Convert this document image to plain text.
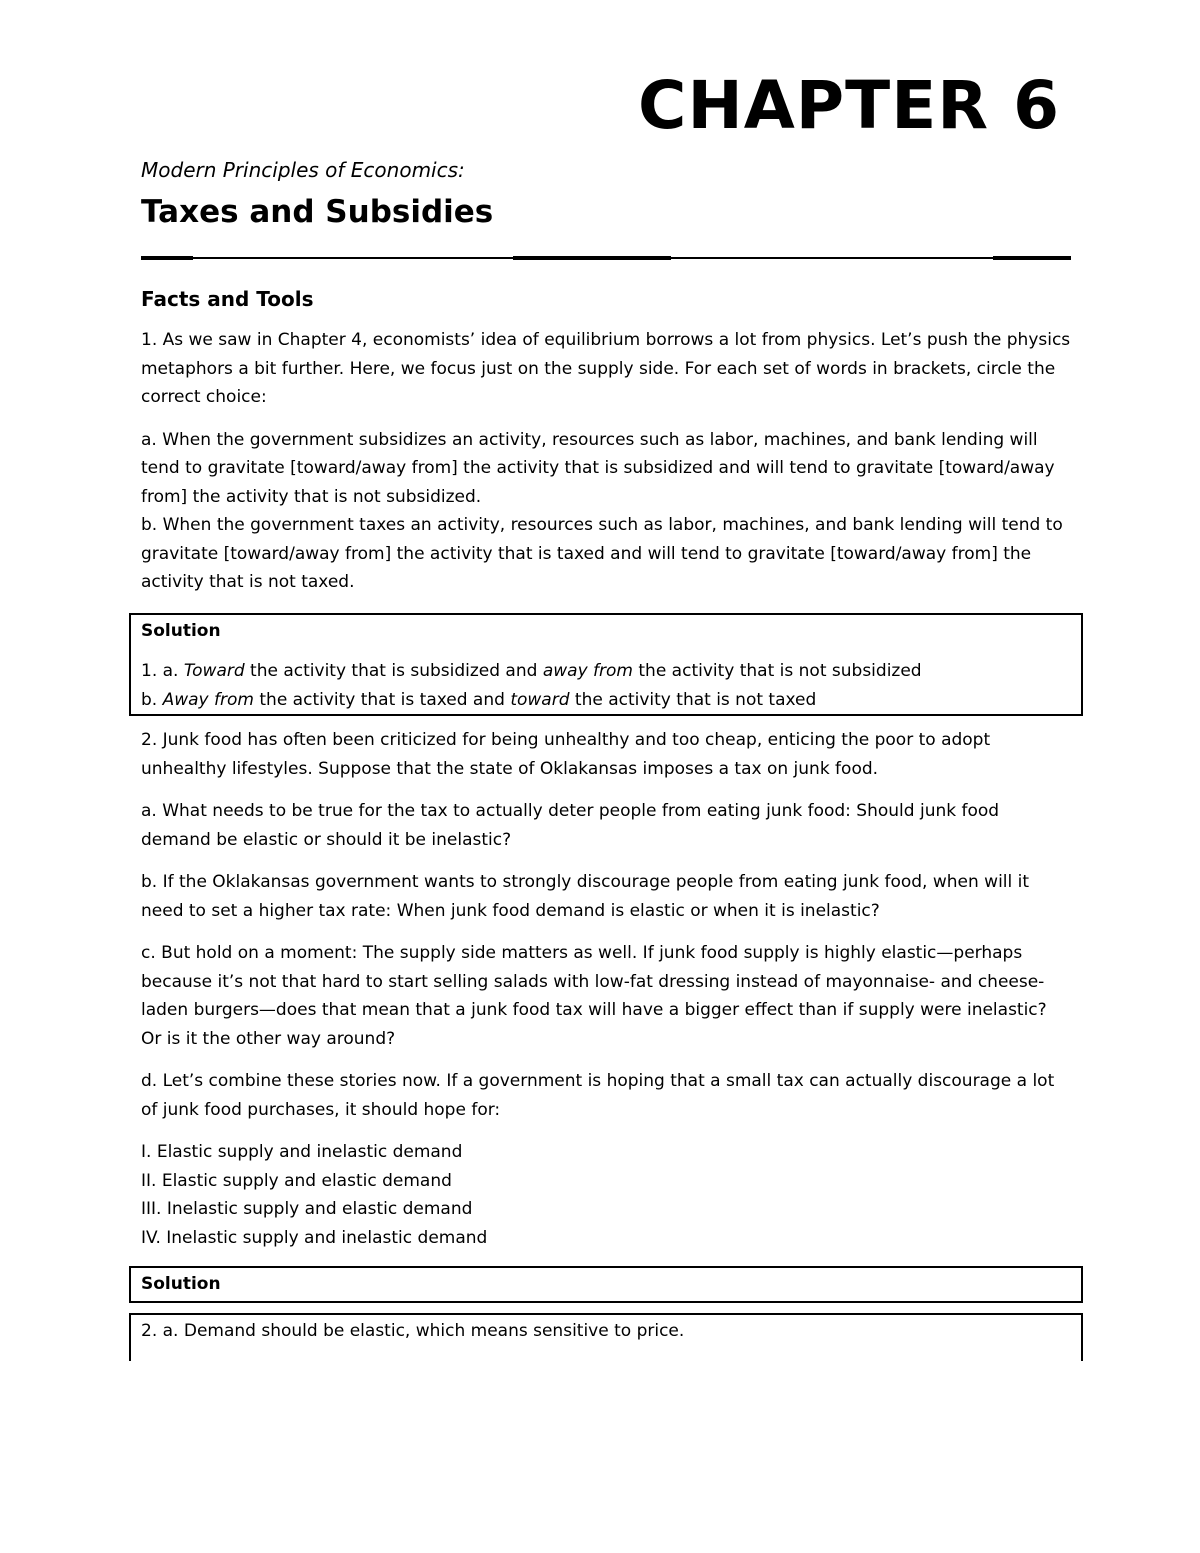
CHAPTER 6
Modern Principles of Economics:
Taxes and Subsidies
Facts and Tools

1. As we saw in Chapter 4, economists’ idea of equilibrium borrows a lot from physics. Let’s push the physics metaphors a bit further. Here, we focus just on the supply side. For each set of words in brackets, circle the correct choice:

a. When the government subsidizes an activity, resources such as labor, machines, and bank lending will tend to gravitate [toward/away from] the activity that is subsidized and will tend to gravitate [toward/away from] the activity that is not subsidized.

b. When the government taxes an activity, resources such as labor, machines, and bank lending will tend to gravitate [toward/away from] the activity that is taxed and will tend to gravitate [toward/away from] the activity that is not taxed.

Solution

1. a. Toward the activity that is subsidized and away from the activity that is not subsidized

b. Away from the activity that is taxed and toward the activity that is not taxed

2. Junk food has often been criticized for being unhealthy and too cheap, enticing the poor to adopt unhealthy lifestyles. Suppose that the state of Oklakansas imposes a tax on junk food.

a. What needs to be true for the tax to actually deter people from eating junk food: Should junk food demand be elastic or should it be inelastic?

b. If the Oklakansas government wants to strongly discourage people from eating junk food, when will it need to set a higher tax rate: When junk food demand is elastic or when it is inelastic?

c. But hold on a moment: The supply side matters as well. If junk food supply is highly elastic—perhaps because it’s not that hard to start selling salads with low-fat dressing instead of mayonnaise- and cheese-laden burgers—does that mean that a junk food tax will have a bigger effect than if supply were inelastic? Or is it the other way around?

d. Let’s combine these stories now. If a government is hoping that a small tax can actually discourage a lot of junk food purchases, it should hope for:

I. Elastic supply and inelastic demand
II. Elastic supply and elastic demand
III. Inelastic supply and elastic demand
IV. Inelastic supply and inelastic demand
Solution

2. a. Demand should be elastic, which means sensitive to price.
